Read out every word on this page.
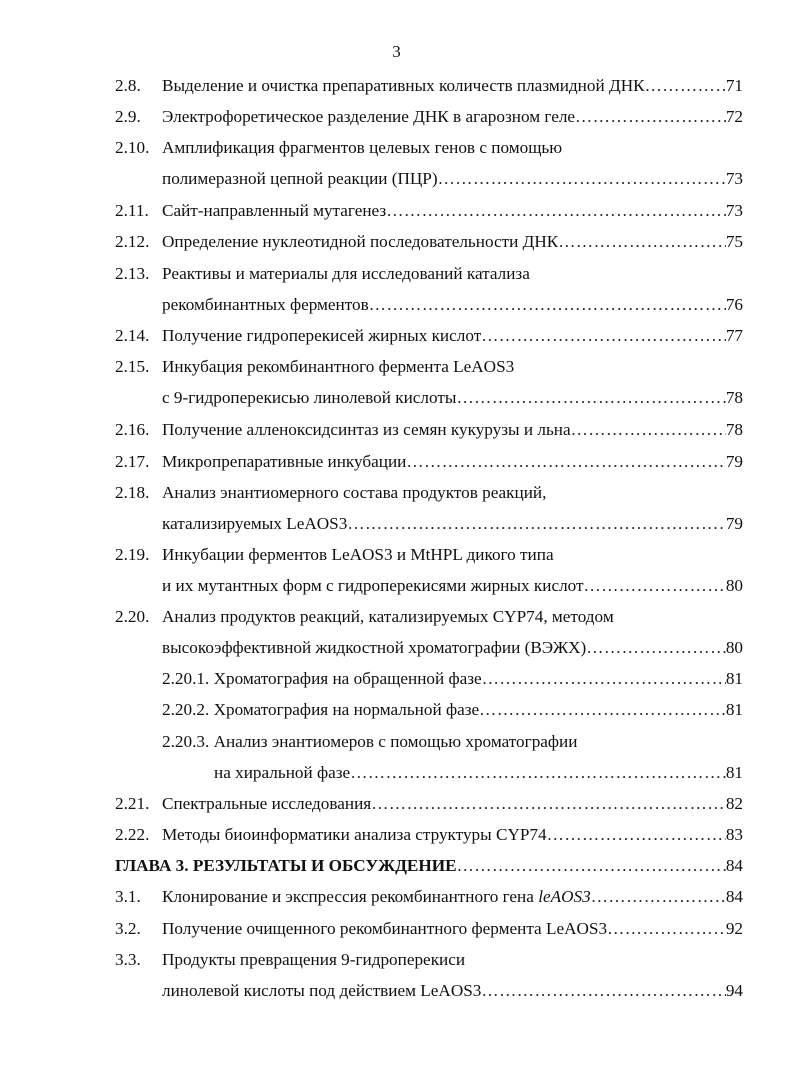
3
2.8.	Выделение и очистка препаративных количеств плазмидной ДНК ………………………………………………………………………………………………………………………………………………………………………………………………	71
2.9.	Электрофоретическое разделение ДНК в агарозном геле ………………………………………………………………………………………………………………………………………………………………………………………………	72
2.10. Амплификация фрагментов целевых генов с помощью
полимеразной цепной реакции (ПЦР) ………………………………………………………………………………………………………………………………………………………………………………………………	73
2.11. Сайт-направленный мутагенез ………………………………………………………………………………………………………………………………………………………………………………………………	73
2.12. Определение нуклеотидной последовательности ДНК ………………………………………………………………………………………………………………………………………………………………………………………………	75
2.13. Реактивы и материалы для исследований катализа
рекомбинантных ферментов ………………………………………………………………………………………………………………………………………………………………………………………………	76
2.14. Получение гидроперекисей жирных кислот ………………………………………………………………………………………………………………………………………………………………………………………………	77
2.15. Инкубация рекомбинантного фермента LeAOS3
с 9-гидроперекисью линолевой кислоты ………………………………………………………………………………………………………………………………………………………………………………………………	78
2.16. Получение алленоксидсинтаз из семян кукурузы и льна ………………………………………………………………………………………………………………………………………………………………………………………………	78
2.17. Микропрепаративные инкубации ………………………………………………………………………………………………………………………………………………………………………………………………	79
2.18. Анализ энантиомерного состава продуктов реакций,
катализируемых LeAOS3 ………………………………………………………………………………………………………………………………………………………………………………………………	79
2.19. Инкубации ферментов LeAOS3 и MtHPL дикого типа
и их мутантных форм с гидроперекисями жирных кислот ………………………………………………………………………………………………………………………………………………………………………………………………	80
2.20. Анализ продуктов реакций, катализируемых CYP74, методом
высокоэффективной жидкостной хроматографии (ВЭЖХ) ………………………………………………………………………………………………………………………………………………………………………………………………	80
2.20.1. Хроматография на обращенной фазе ………………………………………………………………………………………………………………………………………………………………………………………………	81
2.20.2. Хроматография на нормальной фазе ………………………………………………………………………………………………………………………………………………………………………………………………	81
2.20.3. Анализ энантиомеров с помощью хроматографии
на хиральной фазе ………………………………………………………………………………………………………………………………………………………………………………………………	81
2.21. Спектральные исследования ………………………………………………………………………………………………………………………………………………………………………………………………	82
2.22. Методы биоинформатики анализа структуры CYP74 ………………………………………………………………………………………………………………………………………………………………………………………………	83
ГЛАВА 3. РЕЗУЛЬТАТЫ И ОБСУЖДЕНИЕ ………………………………………………………………………………………………………………………………………………………………………………………………	84
3.1.	Клонирование и экспрессия рекомбинантного гена leAOS3 ………………………………………………………………………………………………………………………………………………………………………………………………	84
3.2.	Получение очищенного рекомбинантного фермента LeAOS3 ………………………………………………………………………………………………………………………………………………………………………………………………	92
3.3. Продукты превращения 9-гидроперекиси
линолевой кислоты под действием LeAOS3 ………………………………………………………………………………………………………………………………………………………………………………………………	94
